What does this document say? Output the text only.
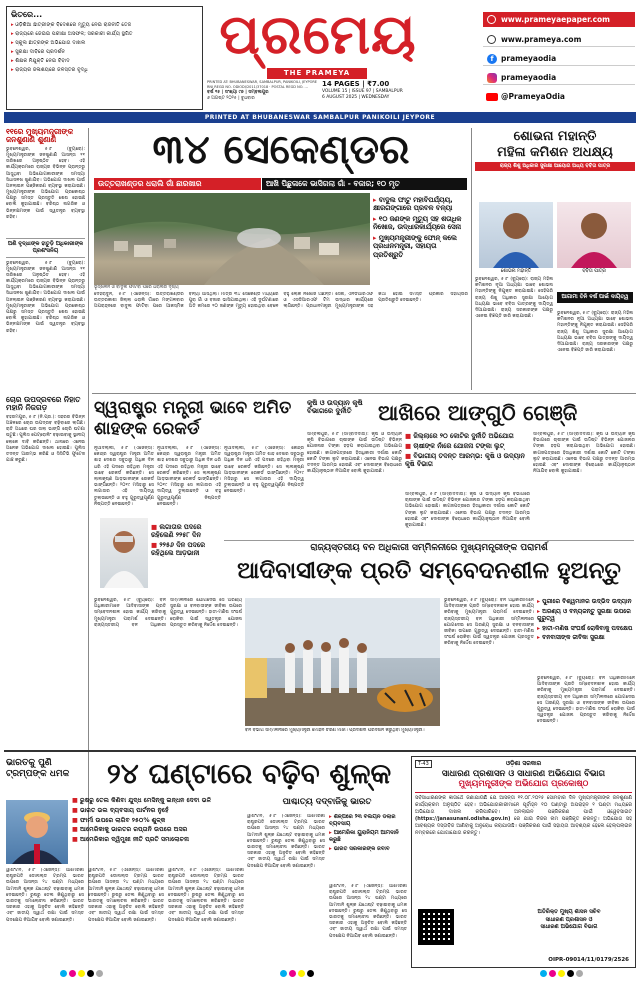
ଭିତରେ...
▸ ଓଡ଼ିଶିଆ ଛାତ୍ରୀଙ୍କ ବିଦେଶରେ ମୃତ୍ୟୁ ନେଇ ରାଜନୀତି ତେଜ
▸ ରାଜ୍ୟରେ ଜେଇଇ ପରୀକ୍ଷା ଅସଫଳ; ସରକାରୀ କାର୍ଯ୍ୟ ସ୍ଥଗିତ
▸ ସ୍କୁଲ ଛାତ୍ରଙ୍କ ଅଭିଯୋଗ ଦାଖଲ
▸ ସୁରକ୍ଷା ଦାବିରେ ପ୍ରଦର୍ଶନ
▸ ଶିକ୍ଷକ ନିଯୁକ୍ତି ନେଇ ବିବାଦ
▸ ରାଜ୍ୟର ଜଳାଶୟରେ ଜଳସ୍ତର ବୃଦ୍ଧି
ପ୍ରମେୟ
THE PRAMEYA
PRINTED AT: BHUBANESWAR, SAMBALPUR, PANIKOILI, JEYPORE
RNI REGD NO. ODIODI/2011/37018 · POSTAL REGD NO. ...
ବର୍ଷ ୧୫ | ସଂଖ୍ୟା ୯୭ | ସମ୍ବଲପୁର
୬ ଅଗଷ୍ଟ ୨୦୨୫ | ବୁଧବାର
14 PAGES | ₹7.00
VOLUME 15 | ISSUE 97 | SAMBALPUR
6 AUGUST 2025 | WEDNESDAY
www.prameyaepaper.com
www.prameya.com
f prameyaodia
prameyaodia
@PrameyaOdia
PRINTED AT BHUBANESWAR SAMBALPUR PANIKOILI JEYPORE
୧୧ରେ ମୁଖ୍ୟମନ୍ତ୍ରୀଙ୍କ ଜନଶୁଣାଣି ଶୁଣାଣି
ଭୁବନେଶ୍ୱର, ୫।୮ (ବ୍ୟୁରୋ): ମୁଖ୍ୟମନ୍ତ୍ରୀଙ୍କ ଜନଶୁଣାଣି ଆସନ୍ତା ୧୧ ତାରିଖରେ ଅନୁଷ୍ଠିତ ହେବ। ଏହି କାର୍ଯ୍ୟକ୍ରମରେ ରାଜ୍ୟର ବିଭିନ୍ନ ପ୍ରାନ୍ତରୁ ଆସୁଥିବା ଅଭିଯୋଗକାରୀଙ୍କ ସମସ୍ୟା ସିଧାସଳଖ ଶୁଣାଯିବ। ଅଭିଯୋଗ ଦାଖଲ ପାଇଁ ଅନଲାଇନ ପଞ୍ଜିକରଣ ବ୍ୟବସ୍ଥା କରାଯାଇଛି। ମୁଖ୍ୟମନ୍ତ୍ରୀଙ୍କ ଅଭିଯୋଗ ପ୍ରକୋଷ୍ଠ ପକ୍ଷରୁ ସମସ୍ତ ପ୍ରସ୍ତୁତି ଶେଷ ହୋଇଛି ବୋଲି କୁହାଯାଇଛି। ବରିଷ୍ଠ ନାଗରିକ ଓ ଭିନ୍ନକ୍ଷମଙ୍କ ପାଇଁ ସ୍ୱତନ୍ତ୍ର ବ୍ୟବସ୍ଥା ରହିବ।
ଅଣି ବୃଦ୍ଧାଙ୍କ ହାତୁଡ଼ି ଅଧିକାରୀଙ୍କ ପ୍ରଶଂସନିୟ
ଭୁବନେଶ୍ୱର, ୫।୮ (ବ୍ୟୁରୋ): ମୁଖ୍ୟମନ୍ତ୍ରୀଙ୍କ ଜନଶୁଣାଣି ଆସନ୍ତା ୧୧ ତାରିଖରେ ଅନୁଷ୍ଠିତ ହେବ। ଏହି କାର୍ଯ୍ୟକ୍ରମରେ ରାଜ୍ୟର ବିଭିନ୍ନ ପ୍ରାନ୍ତରୁ ଆସୁଥିବା ଅଭିଯୋଗକାରୀଙ୍କ ସମସ୍ୟା ସିଧାସଳଖ ଶୁଣାଯିବ। ଅଭିଯୋଗ ଦାଖଲ ପାଇଁ ଅନଲାଇନ ପଞ୍ଜିକରଣ ବ୍ୟବସ୍ଥା କରାଯାଇଛି। ମୁଖ୍ୟମନ୍ତ୍ରୀଙ୍କ ଅଭିଯୋଗ ପ୍ରକୋଷ୍ଠ ପକ୍ଷରୁ ସମସ୍ତ ପ୍ରସ୍ତୁତି ଶେଷ ହୋଇଛି ବୋଲି କୁହାଯାଇଛି। ବରିଷ୍ଠ ନାଗରିକ ଓ ଭିନ୍ନକ୍ଷମଙ୍କ ପାଇଁ ସ୍ୱତନ୍ତ୍ର ବ୍ୟବସ୍ଥା ରହିବ।
୩୪ ସେକେଣ୍ଡର
ଉତ୍ତରାଖଣ୍ଡର ଧରାଲି ଗାଁ ଛାରଖାର	ଆଖି ପିଛୁଳାକେ ଭାସିଗଲା ଗାଁ - ବଜାର; ୧୦ ମୃତ
▸ ବାଦୁଲ ଫାଟୁ ମହାବିପର୍ଯ୍ୟୟ, କ୍ଷୀରଗଙ୍ଗାରେ ପ୍ରବଳ ବନ୍ୟା
▸ ୧୦ ଜଣଙ୍କ ମୃତ୍ୟୁ ସହ ଶତାଧିକ ନିଖୋଜ, ଉଦ୍ଧାରକାର୍ଯ୍ୟରେ ସେନା
▸ ମୁଖ୍ୟମନ୍ତ୍ରୀଙ୍କୁ ଫୋନ୍ କଲେ ପ୍ରଧାନମନ୍ତ୍ରୀ, ସହାୟତା ପ୍ରତିଶ୍ରୁତି
ଭୂସ୍ଖଳନ ଓ ବାଦୁଲ ଫାଟିବା ପରେ ଧରାଲିର ଦୃଶ୍ୟ
ଦେହରାଦୁନ, ୫।୮ (ଏଜେନ୍ସି): ଉତ୍ତରାଖଣ୍ଡର ଉତ୍ତରକାଶୀ ଜିଲ୍ଲା ଧରାଲି ଗାଁରେ ମଙ୍ଗଳବାର ଅପରାହ୍ନରେ ବାଦୁଲ ଫାଟିବା ପରେ ଆକସ୍ମିକ ବନ୍ୟା ଆସିଥିଲା। ମାତ୍ର ୩୪ ସେକେଣ୍ଡ ମଧ୍ୟରେ ପୁରା ଗାଁ ଓ ବଜାର ଭାସିଯାଇଥିଲା। ଏହି ଦୁର୍ଘଟଣାରେ ଅତି କମରେ ୧୦ ଜଣଙ୍କ ମୃତ୍ୟୁ ହୋଇଥିବା ବେଳେ ବହୁ ଲୋକ ନିଖୋଜ ଅଛନ୍ତି। ସେନା, ଏନଡିଆରଏଫ ଓ ଏସଡିଆରଏଫ ଟିମ ଉଦ୍ଧାର କାର୍ଯ୍ୟରେ ଲାଗିଛନ୍ତି। ପ୍ରଧାନମନ୍ତ୍ରୀ ମୁଖ୍ୟମନ୍ତ୍ରୀଙ୍କ ସହ କଥା ହୋଇ ସମସ୍ତ ପ୍ରକାର ସହାୟତାର ପ୍ରତିଶ୍ରୁତି ଦେଇଛନ୍ତି।
ଶୋଭନା ମହାନ୍ତି
ମହିଳା କମିଶନ ଅଧକ୍ଷ୍ୟ
ରାଜ୍ୟ ଶିଶୁ ଅଧିକାର ସୁରକ୍ଷା ଆୟୋଗ ଅଧ୍ୟ ବବିତା ପାତ୍ର
ଶୋଭନା ମହାନ୍ତି	ବବିତା ପାତ୍ର
ଭୁବନେଶ୍ୱର, ୫।୮ (ବ୍ୟୁରୋ): ରାଜ୍ୟ ମହିଳା କମିଶନର ନୂଆ ଅଧ୍ୟକ୍ଷା ଭାବେ ଶୋଭନା ମହାନ୍ତିଙ୍କୁ ନିଯୁକ୍ତ କରାଯାଇଛି। ସେହିପରି ରାଜ୍ୟ ଶିଶୁ ଅଧିକାର ସୁରକ୍ଷା ଆୟୋଗ ଅଧ୍ୟକ୍ଷା ଭାବେ ବବିତା ପାତ୍ରଙ୍କୁ ଦାୟିତ୍ୱ ଦିଆଯାଇଛି। ରାଜ୍ୟ ସରକାରଙ୍କ ପକ୍ଷରୁ ଏନେଇ ବିଜ୍ଞପ୍ତି ଜାରି କରାଯାଇଛି।
ଆଗାମୀ ତିନି ବର୍ଷ ପାଇଁ ଦାୟିତ୍ୱ
ଭୁବନେଶ୍ୱର, ୫।୮ (ବ୍ୟୁରୋ): ରାଜ୍ୟ ମହିଳା କମିଶନର ନୂଆ ଅଧ୍ୟକ୍ଷା ଭାବେ ଶୋଭନା ମହାନ୍ତିଙ୍କୁ ନିଯୁକ୍ତ କରାଯାଇଛି। ସେହିପରି ରାଜ୍ୟ ଶିଶୁ ଅଧିକାର ସୁରକ୍ଷା ଆୟୋଗ ଅଧ୍ୟକ୍ଷା ଭାବେ ବବିତା ପାତ୍ରଙ୍କୁ ଦାୟିତ୍ୱ ଦିଆଯାଇଛି। ରାଜ୍ୟ ସରକାରଙ୍କ ପକ୍ଷରୁ ଏନେଇ ବିଜ୍ଞପ୍ତି ଜାରି କରାଯାଇଛି।
ଚୋର ଉପଦ୍ରବରେ ନିହାତ ମହାନି ନିଜଗଡ଼
ବହରମପୁର, ୫।୮ (ନି.ପ୍ର.): ସହରର ବିଭିନ୍ନ ଅଞ୍ଚଳରେ ଚୋର ଉପଦ୍ରବ ବଢ଼ିବାରେ ଲାଗିଛି। ରାତି ଅଧରେ ଘର ତାଲା ଭାଙ୍ଗି ଚୋରି ଘଟଣା ଘଟୁଛି। ପୁଲିସ ପେଟ୍ରୋଲିଂ ବଢ଼ାଇବାକୁ ସ୍ଥାନୀୟ ଲୋକେ ଦାବି କରିଛନ୍ତି। ଥାନାରେ ଏନେଇ ଅନେକ ଅଭିଯୋଗ ଦାଖଲ ହୋଇଛି। ପୁଲିସ ତଦନ୍ତ ଆରମ୍ଭ କରିଛି ଓ ସିସିଟିଭି ଫୁଟେଜ ଯାଞ୍ଚ କରୁଛି।
ସ୍ୱରାଷ୍ଟ୍ର ମନ୍ତ୍ରୀ ଭାବେ ଅମିତ ଶାହଙ୍କ ରେକର୍ଡ
■ ଲଗାତାର ପଦରେ ରହିଲେଣି ୨୨୫୮ ଦିନ
■ ୨୨୫୬ ଦିନ ପଦରେ ରହିଥିଲେ ଆଡ଼ଭାନୀ
ନୂଆଦିଲ୍ଲୀ, ୫।୮ (ଏଜେନ୍ସି): କେନ୍ଦ୍ର ସ୍ୱରାଷ୍ଟ୍ର ମନ୍ତ୍ରୀ ଅମିତ ଶାହ ଦେଶର ସବୁଠାରୁ ଅଧିକ ଦିନ ଧରି ଏହି ପଦରେ ରହିଥିବା ମନ୍ତ୍ରୀ ଭାବେ ରେକର୍ଡ କରିଛନ୍ତି। ସେ ଲାଲକୃଷ୍ଣ ଆଡ଼ଭାନୀଙ୍କ ରେକର୍ଡ ଭାଙ୍ଗିଛନ୍ତି। ୨୦୧୯ ମସିହାରୁ ସେ ଲଗାତାର ଏହି ଦାୟିତ୍ୱ ତୁଲାଉଛନ୍ତି ଓ ବହୁ ଗୁରୁତ୍ୱପୂର୍ଣ୍ଣ ନିଷ୍ପତ୍ତି ନେଇଛନ୍ତି।
ନୂଆଦିଲ୍ଲୀ, ୫।୮ (ଏଜେନ୍ସି): କେନ୍ଦ୍ର ସ୍ୱରାଷ୍ଟ୍ର ମନ୍ତ୍ରୀ ଅମିତ ଶାହ ଦେଶର ସବୁଠାରୁ ଅଧିକ ଦିନ ଧରି ଏହି ପଦରେ ରହିଥିବା ମନ୍ତ୍ରୀ ଭାବେ ରେକର୍ଡ କରିଛନ୍ତି। ସେ ଲାଲକୃଷ୍ଣ ଆଡ଼ଭାନୀଙ୍କ ରେକର୍ଡ ଭାଙ୍ଗିଛନ୍ତି। ୨୦୧୯ ମସିହାରୁ ସେ ଲଗାତାର ଏହି ଦାୟିତ୍ୱ ତୁଲାଉଛନ୍ତି ଓ ବହୁ ଗୁରୁତ୍ୱପୂର୍ଣ୍ଣ ନିଷ୍ପତ୍ତି ନେଇଛନ୍ତି।
ନୂଆଦିଲ୍ଲୀ, ୫।୮ (ଏଜେନ୍ସି): କେନ୍ଦ୍ର ସ୍ୱରାଷ୍ଟ୍ର ମନ୍ତ୍ରୀ ଅମିତ ଶାହ ଦେଶର ସବୁଠାରୁ ଅଧିକ ଦିନ ଧରି ଏହି ପଦରେ ରହିଥିବା ମନ୍ତ୍ରୀ ଭାବେ ରେକର୍ଡ କରିଛନ୍ତି। ସେ ଲାଲକୃଷ୍ଣ ଆଡ଼ଭାନୀଙ୍କ ରେକର୍ଡ ଭାଙ୍ଗିଛନ୍ତି। ୨୦୧୯ ମସିହାରୁ ସେ ଲଗାତାର ଏହି ଦାୟିତ୍ୱ ତୁଲାଉଛନ୍ତି ଓ ବହୁ ଗୁରୁତ୍ୱପୂର୍ଣ୍ଣ ନିଷ୍ପତ୍ତି ନେଇଛନ୍ତି।
କୃଷି ଓ ଉଦ୍ୟାନ କୃଷି ବିଭାଗରେ ଦୁର୍ନୀତି	ଆଖିରେ ଆଙ୍ଗୁଠି ଗେଞ୍ଜି
■ ଜିଲ୍ଲାରେ ୨୦ କୋଟିର ଦୁର୍ନୀତି ଅଭିଯୋଗ
■ ଚାଷୀଙ୍କ ନାଁରେ ଯୋଜନା ଟଙ୍କା ଲୁଟ୍
■ ବିଭାଗୀୟ ତଦନ୍ତ ଆରମ୍ଭ: କୃଷି ଓ ଉଦ୍ୟାନ କୃଷି ବିଭାଗ
ସମ୍ବଲପୁର, ୫।୮ (ସମ୍ବାଦଦାତା): କୃଷି ଓ ଉଦ୍ୟାନ କୃଷି ବିଭାଗରେ ଚାଷୀଙ୍କ ପାଇଁ ଉଦ୍ଦିଷ୍ଟ ବିଭିନ୍ନ ଯୋଜନାର ଟଙ୍କା ହଡ଼ପ କରାଯାଇଥିବା ଅଭିଯୋଗ ହୋଇଛି। କାଗଜପତ୍ରରେ ହିତାଧିକାରୀ ଦର୍ଶାଇ କୋଟି କୋଟି ଟଙ୍କା ଲୁଟ କରାଯାଇଛି। ଏନେଇ ବିଭାଗ ପକ୍ଷରୁ ତଦନ୍ତ ଆରମ୍ଭ ହୋଇଛି ଏବଂ ଦୋଷୀଙ୍କ ବିରୋଧରେ କାର୍ଯ୍ୟାନୁଷ୍ଠାନ ନିଆଯିବ ବୋଲି କୁହାଯାଇଛି।
ସମ୍ବଲପୁର, ୫।୮ (ସମ୍ବାଦଦାତା): କୃଷି ଓ ଉଦ୍ୟାନ କୃଷି ବିଭାଗରେ ଚାଷୀଙ୍କ ପାଇଁ ଉଦ୍ଦିଷ୍ଟ ବିଭିନ୍ନ ଯୋଜନାର ଟଙ୍କା ହଡ଼ପ କରାଯାଇଥିବା ଅଭିଯୋଗ ହୋଇଛି। କାଗଜପତ୍ରରେ ହିତାଧିକାରୀ ଦର୍ଶାଇ କୋଟି କୋଟି ଟଙ୍କା ଲୁଟ କରାଯାଇଛି। ଏନେଇ ବିଭାଗ ପକ୍ଷରୁ ତଦନ୍ତ ଆରମ୍ଭ ହୋଇଛି ଏବଂ ଦୋଷୀଙ୍କ ବିରୋଧରେ କାର୍ଯ୍ୟାନୁଷ୍ଠାନ ନିଆଯିବ ବୋଲି କୁହାଯାଇଛି।
ସମ୍ବଲପୁର, ୫।୮ (ସମ୍ବାଦଦାତା): କୃଷି ଓ ଉଦ୍ୟାନ କୃଷି ବିଭାଗରେ ଚାଷୀଙ୍କ ପାଇଁ ଉଦ୍ଦିଷ୍ଟ ବିଭିନ୍ନ ଯୋଜନାର ଟଙ୍କା ହଡ଼ପ କରାଯାଇଥିବା ଅଭିଯୋଗ ହୋଇଛି। କାଗଜପତ୍ରରେ ହିତାଧିକାରୀ ଦର୍ଶାଇ କୋଟି କୋଟି ଟଙ୍କା ଲୁଟ କରାଯାଇଛି। ଏନେଇ ବିଭାଗ ପକ୍ଷରୁ ତଦନ୍ତ ଆରମ୍ଭ ହୋଇଛି ଏବଂ ଦୋଷୀଙ୍କ ବିରୋଧରେ କାର୍ଯ୍ୟାନୁଷ୍ଠାନ ନିଆଯିବ ବୋଲି କୁହାଯାଇଛି।
ରାଜ୍ୟସ୍ତରୀୟ ବନ ଅଧିକାରୀ ସମ୍ମିଳନୀରେ ମୁଖ୍ୟମନ୍ତ୍ରୀଙ୍କ ପରାମର୍ଶ
ଆଦିବାସୀଙ୍କ ପ୍ରତି ସମ୍ବେଦନଶୀଳ ହୁଅନ୍ତୁ
ଭୁବନେଶ୍ୱର, ୫।୮ (ବ୍ୟୁରୋ): ବନ ଅଧିକାରୀମାନେ ଆଦିବାସୀଙ୍କ ପ୍ରତି ସମ୍ବେଦନଶୀଳ ହୋଇ କାର୍ଯ୍ୟ କରିବାକୁ ମୁଖ୍ୟମନ୍ତ୍ରୀ ପରାମର୍ଶ ଦେଇଛନ୍ତି। ରାଜ୍ୟସ୍ତରୀୟ ବନ ଅଧିକାରୀ ସମ୍ମିଳନୀରେ ଯୋଗଦେଇ ସେ ଅରଣ୍ୟ ସୁରକ୍ଷା ଓ ବନବାସୀଙ୍କ ଜୀବିକା ଉପରେ ଗୁରୁତ୍ୱ ଦେଇଛନ୍ତି। ହାତୀ-ମଣିଷ ସଂଘର୍ଷ ରୋକିବା ପାଇଁ ସ୍ୱତନ୍ତ୍ର ଯୋଜନା ପ୍ରସ୍ତୁତ କରିବାକୁ ନିର୍ଦ୍ଦେଶ ଦେଇଛନ୍ତି।
ବନ ବିଭାଗ ସମ୍ମିଳନୀରେ ମୁଖ୍ୟମନ୍ତ୍ରୀ ମୋହନ ଚରଣ ମାଝୀ। ପ୍ରଦର୍ଶନୀ ପରିଦର୍ଶନ କରୁଥିବା ମୁଖ୍ୟମନ୍ତ୍ରୀ।
ଭୁବନେଶ୍ୱର, ୫।୮ (ବ୍ୟୁରୋ): ବନ ଅଧିକାରୀମାନେ ଆଦିବାସୀଙ୍କ ପ୍ରତି ସମ୍ବେଦନଶୀଳ ହୋଇ କାର୍ଯ୍ୟ କରିବାକୁ ମୁଖ୍ୟମନ୍ତ୍ରୀ ପରାମର୍ଶ ଦେଇଛନ୍ତି। ରାଜ୍ୟସ୍ତରୀୟ ବନ ଅଧିକାରୀ ସମ୍ମିଳନୀରେ ଯୋଗଦେଇ ସେ ଅରଣ୍ୟ ସୁରକ୍ଷା ଓ ବନବାସୀଙ୍କ ଜୀବିକା ଉପରେ ଗୁରୁତ୍ୱ ଦେଇଛନ୍ତି। ହାତୀ-ମଣିଷ ସଂଘର୍ଷ ରୋକିବା ପାଇଁ ସ୍ୱତନ୍ତ୍ର ଯୋଜନା ପ୍ରସ୍ତୁତ କରିବାକୁ ନିର୍ଦ୍ଦେଶ ଦେଇଛନ୍ତି।
▸ ପୁରୀରେ ବିଶ୍ୱମାନର ଉଦ୍ଭିଦ ଉଦ୍ୟାନ
▸ ଅରଣ୍ୟ ଓ ବନ୍ୟଜନ୍ତୁ ସୁରକ୍ଷା ଉପରେ ଗୁରୁତ୍ୱ
▸ ହାତୀ-ମଣିଷ ସଂଘର୍ଷ ରୋକିବାକୁ ପଦକ୍ଷେପ
▸ ବନବାସୀଙ୍କ ଜୀବିକା ସୁରକ୍ଷା
ଭୁବନେଶ୍ୱର, ୫।୮ (ବ୍ୟୁରୋ): ବନ ଅଧିକାରୀମାନେ ଆଦିବାସୀଙ୍କ ପ୍ରତି ସମ୍ବେଦନଶୀଳ ହୋଇ କାର୍ଯ୍ୟ କରିବାକୁ ମୁଖ୍ୟମନ୍ତ୍ରୀ ପରାମର୍ଶ ଦେଇଛନ୍ତି। ରାଜ୍ୟସ୍ତରୀୟ ବନ ଅଧିକାରୀ ସମ୍ମିଳନୀରେ ଯୋଗଦେଇ ସେ ଅରଣ୍ୟ ସୁରକ୍ଷା ଓ ବନବାସୀଙ୍କ ଜୀବିକା ଉପରେ ଗୁରୁତ୍ୱ ଦେଇଛନ୍ତି। ହାତୀ-ମଣିଷ ସଂଘର୍ଷ ରୋକିବା ପାଇଁ ସ୍ୱତନ୍ତ୍ର ଯୋଜନା ପ୍ରସ୍ତୁତ କରିବାକୁ ନିର୍ଦ୍ଦେଶ ଦେଇଛନ୍ତି।
ଭାରତକୁ ପୁଣି ଟ୍ରମ୍ପଙ୍କ ଧମକ	୨୪ ଘଣ୍ଟାରେ ବଢ଼ିବ ଶୁଳ୍କ
■ ରୁଷରୁ ତେଲ କିଣିବା ଯୁଦ୍ଧ ମେସିନ୍‌କୁ ଇନ୍ଧନ ଦେବା ଭଳି
■ ଭାରତ ଭଲ ବ୍ୟବସାୟ ପାର୍ଟନର ନୁହେଁ
■ ଫାର୍ମା ଉପରେ ଲାଗିବ ୨୫୦% ଶୁଳ୍କ
■ ଆମେରିକାକୁ ଭାରତର ରପ୍ତାନି ଉପରେ ଅସର
■ ଆମେରିକାର ଦ୍ୱିମୁଖୀ ନୀତି ପ୍ରତି ସମାଲୋଚନା
ୱାଶିଂଟନ, ୫।୮ (ଏଜେନ୍ସି): ଆମେରିକା ରାଷ୍ଟ୍ରପତି ଡୋନାଲ୍ଡ ଟ୍ରମ୍ପ ଭାରତ ଉପରେ ଆସନ୍ତା ୨୪ ଘଣ୍ଟା ମଧ୍ୟରେ ଆମଦାନି ଶୁଳ୍କ ଯଥେଷ୍ଟ ବଢ଼ାଇବାକୁ ଧମକ ଦେଇଛନ୍ତି। ରୁଷରୁ ତେଲ କିଣୁଥିବାରୁ ସେ ଭାରତକୁ ସମାଲୋଚନା କରିଛନ୍ତି। ଭାରତ ସରକାର ଏହାକୁ ଅନୁଚିତ ବୋଲି କହିଛନ୍ତି ଏବଂ ଜାତୀୟ ସ୍ୱାର୍ଥ ରକ୍ଷା ପାଇଁ ସମସ୍ତ ପଦକ୍ଷେପ ନିଆଯିବ ବୋଲି ଜଣାଇଛନ୍ତି।
ୱାଶିଂଟନ, ୫।୮ (ଏଜେନ୍ସି): ଆମେରିକା ରାଷ୍ଟ୍ରପତି ଡୋନାଲ୍ଡ ଟ୍ରମ୍ପ ଭାରତ ଉପରେ ଆସନ୍ତା ୨୪ ଘଣ୍ଟା ମଧ୍ୟରେ ଆମଦାନି ଶୁଳ୍କ ଯଥେଷ୍ଟ ବଢ଼ାଇବାକୁ ଧମକ ଦେଇଛନ୍ତି। ରୁଷରୁ ତେଲ କିଣୁଥିବାରୁ ସେ ଭାରତକୁ ସମାଲୋଚନା କରିଛନ୍ତି। ଭାରତ ସରକାର ଏହାକୁ ଅନୁଚିତ ବୋଲି କହିଛନ୍ତି ଏବଂ ଜାତୀୟ ସ୍ୱାର୍ଥ ରକ୍ଷା ପାଇଁ ସମସ୍ତ ପଦକ୍ଷେପ ନିଆଯିବ ବୋଲି ଜଣାଇଛନ୍ତି।
ୱାଶିଂଟନ, ୫।୮ (ଏଜେନ୍ସି): ଆମେରିକା ରାଷ୍ଟ୍ରପତି ଡୋନାଲ୍ଡ ଟ୍ରମ୍ପ ଭାରତ ଉପରେ ଆସନ୍ତା ୨୪ ଘଣ୍ଟା ମଧ୍ୟରେ ଆମଦାନି ଶୁଳ୍କ ଯଥେଷ୍ଟ ବଢ଼ାଇବାକୁ ଧମକ ଦେଇଛନ୍ତି। ରୁଷରୁ ତେଲ କିଣୁଥିବାରୁ ସେ ଭାରତକୁ ସମାଲୋଚନା କରିଛନ୍ତି। ଭାରତ ସରକାର ଏହାକୁ ଅନୁଚିତ ବୋଲି କହିଛନ୍ତି ଏବଂ ଜାତୀୟ ସ୍ୱାର୍ଥ ରକ୍ଷା ପାଇଁ ସମସ୍ତ ପଦକ୍ଷେପ ନିଆଯିବ ବୋଲି ଜଣାଇଛନ୍ତି।
ପାଶ୍ଚାତ୍ୟ ଦଦ୍‌ବାଜିକୁ ଭାରତ
ୱାଶିଂଟନ, ୫।୮ (ଏଜେନ୍ସି): ଆମେରିକା ରାଷ୍ଟ୍ରପତି ଡୋନାଲ୍ଡ ଟ୍ରମ୍ପ ଭାରତ ଉପରେ ଆସନ୍ତା ୨୪ ଘଣ୍ଟା ମଧ୍ୟରେ ଆମଦାନି ଶୁଳ୍କ ଯଥେଷ୍ଟ ବଢ଼ାଇବାକୁ ଧମକ ଦେଇଛନ୍ତି। ରୁଷରୁ ତେଲ କିଣୁଥିବାରୁ ସେ ଭାରତକୁ ସମାଲୋଚନା କରିଛନ୍ତି। ଭାରତ ସରକାର ଏହାକୁ ଅନୁଚିତ ବୋଲି କହିଛନ୍ତି ଏବଂ ଜାତୀୟ ସ୍ୱାର୍ଥ ରକ୍ଷା ପାଇଁ ସମସ୍ତ ପଦକ୍ଷେପ ନିଆଯିବ ବୋଲି ଜଣାଇଛନ୍ତି।
▸ ଶିଳ୍ପରେ ୨୩ ବିଲିୟନ ଡଲାର ବ୍ୟବସାୟ
▸ ଆମେରିକା ୟୁରାନିୟମ ଆମଦାନି କରୁଛି
▸ ଭାରତ ସରକାରଙ୍କ ଜବାବ
ୱାଶିଂଟନ, ୫।୮ (ଏଜେନ୍ସି): ଆମେରିକା ରାଷ୍ଟ୍ରପତି ଡୋନାଲ୍ଡ ଟ୍ରମ୍ପ ଭାରତ ଉପରେ ଆସନ୍ତା ୨୪ ଘଣ୍ଟା ମଧ୍ୟରେ ଆମଦାନି ଶୁଳ୍କ ଯଥେଷ୍ଟ ବଢ଼ାଇବାକୁ ଧମକ ଦେଇଛନ୍ତି। ରୁଷରୁ ତେଲ କିଣୁଥିବାରୁ ସେ ଭାରତକୁ ସମାଲୋଚନା କରିଛନ୍ତି। ଭାରତ ସରକାର ଏହାକୁ ଅନୁଚିତ ବୋଲି କହିଛନ୍ତି ଏବଂ ଜାତୀୟ ସ୍ୱାର୍ଥ ରକ୍ଷା ପାଇଁ ସମସ୍ତ ପଦକ୍ଷେପ ନିଆଯିବ ବୋଲି ଜଣାଇଛନ୍ତି।
T-43	ଓଡ଼ିଶା ସରକାର
ସାଧାରଣ ପ୍ରଶାସନ ଓ ସାଧାରଣ ଅଭିଯୋଗ ବିଭାଗ
ମୁଖ୍ୟମନ୍ତ୍ରୀଙ୍କ ଅଭିଯୋଗ ପ୍ରକୋଷ୍ଠ
ସର୍ବସାଧାରଣଙ୍କ ଜ୍ଞାତାର୍ଥେ ଜଣାଯାଉଛି ଯେ ଆସନ୍ତା ୧୧.୦୮.୨୦୨୫ ସୋମବାର ଦିନ ମୁଖ୍ୟମନ୍ତ୍ରୀଙ୍କ ଜନଶୁଣାଣି କାର୍ଯ୍ୟକ୍ରମ ଅନୁଷ୍ଠିତ ହେବ। ଅଭିଯୋଗକାରୀମାନେ ପୂର୍ବାହ୍ନ ୧୦ ଘଣ୍ଟାରୁ ଅପରାହ୍ନ ୧ ଘଣ୍ଟା ମଧ୍ୟରେ ଅଭିଯୋଗ ଦାଖଲ କରିପାରିବେ। ଅନଲାଇନ ପଞ୍ଜିକରଣ ପାଇଁ ଓ୍ୱେବସାଇଟ (https://janasunani.odisha.gov.in) ରେ ଯାଇ ନିଜର ନାମ ପଞ୍ଜିକୃତ କରନ୍ତୁ। ଅଭିଯୋଗ ସହ ଆବଶ୍ୟକ ଦସ୍ତାବିଜ ଆଣିବାକୁ ଅନୁରୋଧ କରାଯାଉଛି। ପଞ୍ଜିକରଣ ପାଇଁ ସହାୟତା ଆବଶ୍ୟକ ହେଲେ ହେଲ୍ପଲାଇନ ନମ୍ବରରେ ଯୋଗାଯୋଗ କରନ୍ତୁ।
ଅତିରିକ୍ତ ମୁଖ୍ୟ ଶାସନ ସଚିବ
ସାଧାରଣ ପ୍ରଶାସନ ଓ
ସାଧାରଣ ଅଭିଯୋଗ ବିଭାଗ
OIPR-09014/11/0179/2526
